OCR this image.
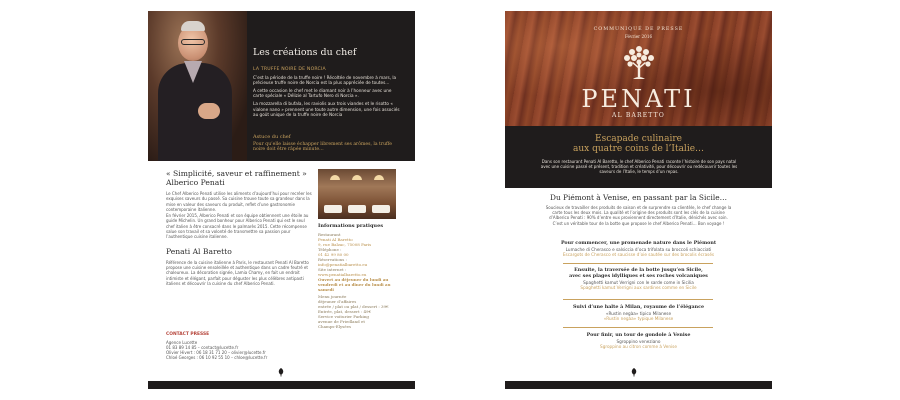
Les créations du chef
LA TRUFFE NOIRE DE NORCIA

C’est la période de la truffe noire ! Récoltée de novembre à mars, la précieuse truffe noire de Norcia est la plus appréciée de toutes…

A cette occasion le chef met le diamant noir à l’honneur avec une carte spéciale « Délizie al Tartufo Nero di Norcia ».

La mozzarella di bufala, les raviolis aux trois viandes et le risotto « vialone nano » prennent une toute autre dimension, une fois associés au goût unique de la truffe noire de Norcia

Astuce du chef
Pour qu’elle laisse échapper librement ses arômes, la truffe noire doit être râpée minute…
« Simplicité, saveur et raffinement » Alberico Penati
Le Chef Alberico Penati utilise les aliments d’aujourd’hui pour recréer les exquises saveurs du passé. Sa cuisine trouve toute sa grandeur dans la mise en valeur des saveurs du produit, reflet d’une gastronomie contemporaine italienne.
En février 2015, Alberico Penati et son équipe obtiennent une étoile au guide Michelin. Un grand bonheur pour Alberico Penati qui est le seul chef italien à être consacré dans le palmarès 2015. Cette récompense salue son travail et sa volonté de transmettre sa passion pour l’authentique cuisine italienne.
Penati Al Baretto
Référence de la cuisine italienne à Paris, le restaurant Penati Al Baretto propose une cuisine ensoleillée et authentique dans un cadre feutré et chaleureux. La décoration signée, Lamia Chamy, en fait un endroit intimiste et élégant, parfait pour déguster les plus célèbres antipasti italiens et découvrir la cuisine du chef Alberico Penati.
CONTACT PRESSE
Agence Lucette
01 83 89 14 85 – contact@lucette.fr
Olivier Hivert : 06 18 31 71 20 – olivier@lucette.fr
Chloé Georges : 06 10 92 55 10 – chloe@lucette.fr
Informations pratiques
Restaurant
Penati Al Baretto
9, rue Balzac, 75008 Paris
Téléphone :
01 42 99 80 00
Réservations :
info@penatialbaretto.eu
Site internet :
www.penatialbaretto.eu
Ouvert au déjeuner du lundi au vendredi et au dîner du lundi au samedi
Menu journée
déjeuner d’affaires
entrée / plat ou plat / dessert : 39€
Entrée, plat, dessert : 49€
Service voiturier Parking
avenue de Friedland et
Champs-Elysées
COMMUNIQUÉ DE PRESSE
Février 2016
PENATI
AL BARETTO
Escapade culinaire
aux quatre coins de l’Italie…

Dans son restaurant Penati Al Baretto, le chef Alberico Penati raconte l’histoire de son pays natal avec une cuisine passé et présent, tradition et créativité, pour découvrir ou redécouvrir toutes les saveurs de l’Italie, le temps d’un repas.

Du Piémont à Venise, en passant par la Sicile…
Soucieux de travailler des produits de saison et de surprendre sa clientèle, le chef change la carte tous les deux mois. La qualité et l’origine des produits sont les clés de la cuisine d’Alberico Penati : 90% d’entre eux proviennent directement d’Italie, dénichés avec soin. C’est un véritable tour de la botte que propose le chef Alberico Penati… Bon voyage !
Pour commencer, une promenade nature dans le Piémont
Lumache di Cherasco e salsiccia d’oca trifolata su broccoli schiacciati
Escargots de Cherasco et saucisse d’oie sautée sur des brocolis écrasés
Ensuite, la traversée de la botte jusqu’en Sicile,
avec ses plages idylliques et ses roches volcaniques
Spaghetti kamut Verrigni con le sarde come in Sicilia
Spaghetti kamut Verrigni aux sardines comme en Sicile
Suivi d’une halte à Milan, royaume de l’élégance
«Rustin negàa» tipico Milanese
«Rustin negàa» typique Milanese
Pour finir, un tour de gondole à Venise
Sgroppino veneziano
Sgroppino au citron comme à Venise
